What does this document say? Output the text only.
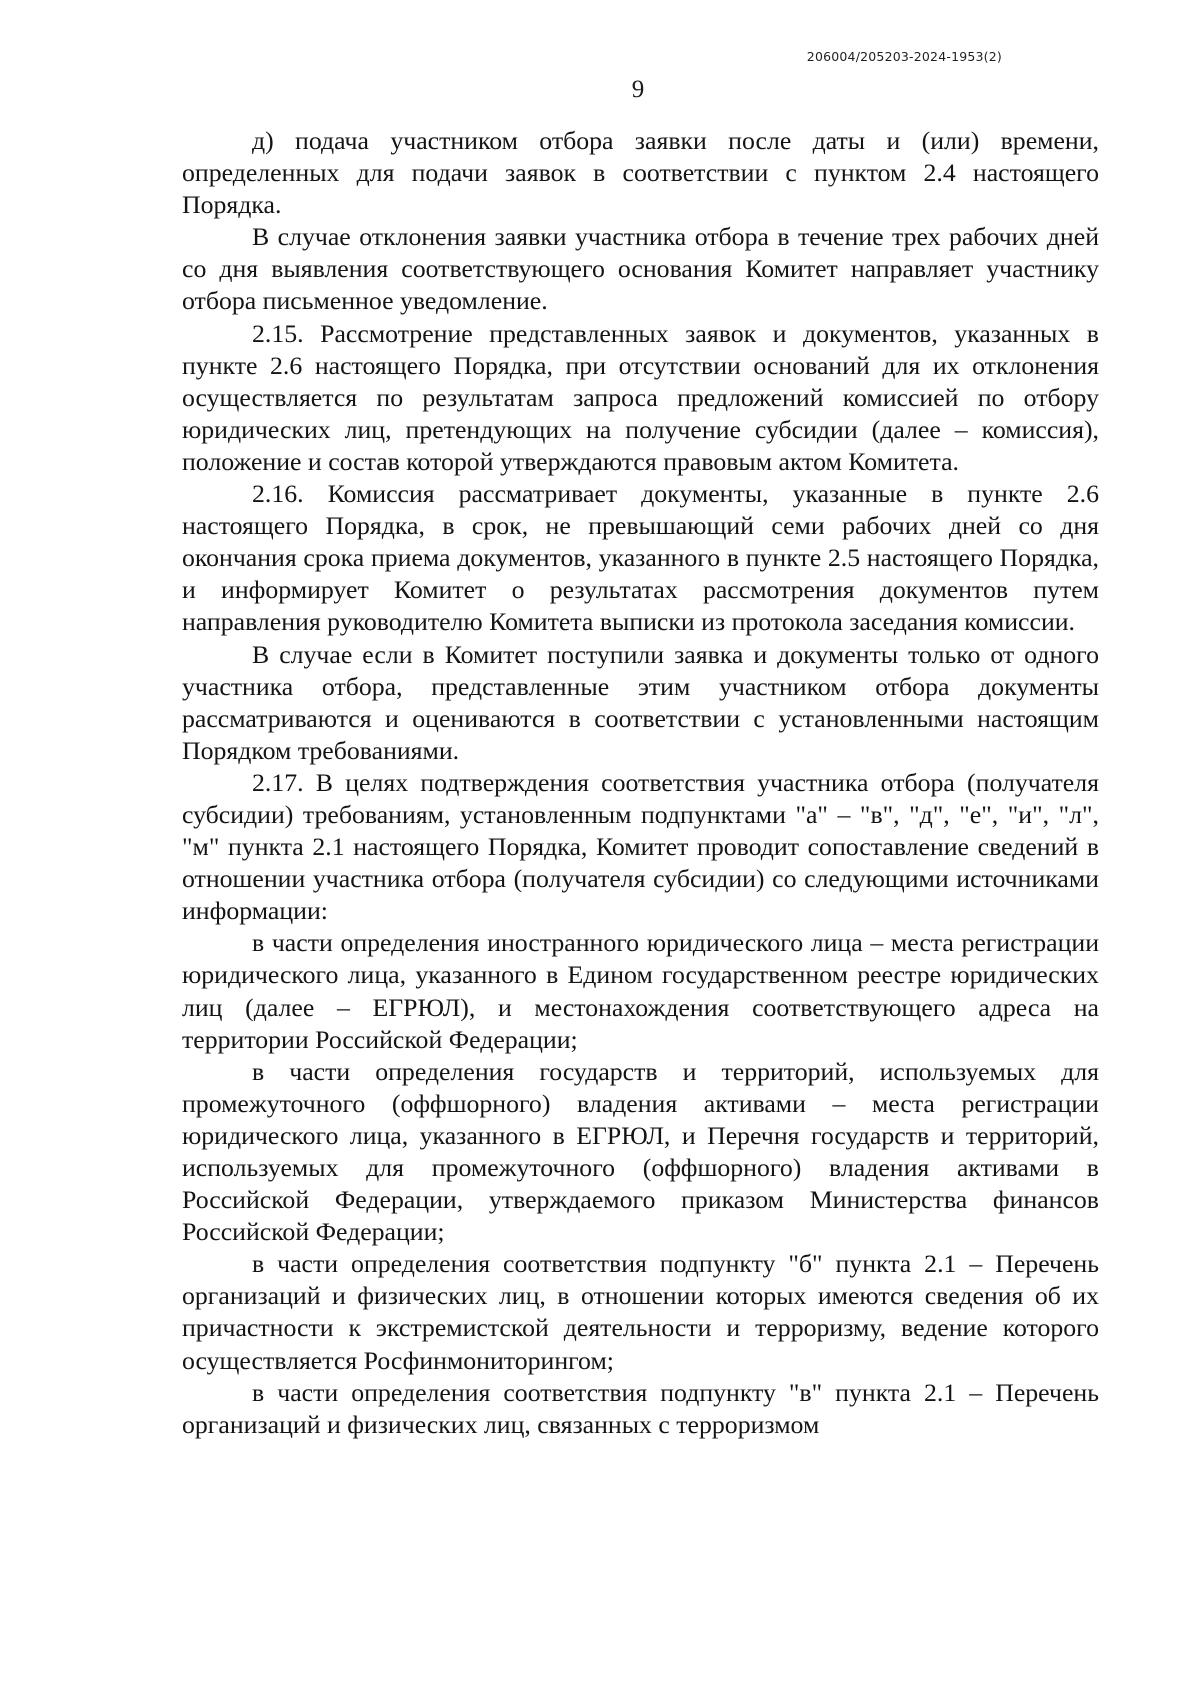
206004/205203-2024-1953(2)
9

д) подача участником отбора заявки после даты и (или) времени, определенных для подачи заявок в соответствии с пунктом 2.4 настоящего Порядка.

В случае отклонения заявки участника отбора в течение трех рабочих дней со дня выявления соответствующего основания Комитет направляет участнику отбора письменное уведомление.

2.15. Рассмотрение представленных заявок и документов, указанных в пункте 2.6 настоящего Порядка, при отсутствии оснований для их отклонения осуществляется по результатам запроса предложений комиссией по отбору юридических лиц, претендующих на получение субсидии (далее – комиссия), положение и состав которой утверждаются правовым актом Комитета.

2.16. Комиссия рассматривает документы, указанные в пункте 2.6 настоящего Порядка, в срок, не превышающий семи рабочих дней со дня окончания срока приема документов, указанного в пункте 2.5 настоящего Порядка, и информирует Комитет о результатах рассмотрения документов путем направления руководителю Комитета выписки из протокола заседания комиссии.

В случае если в Комитет поступили заявка и документы только от одного участника отбора, представленные этим участником отбора документы рассматриваются и оцениваются в соответствии с установленными настоящим Порядком требованиями.

2.17. В целях подтверждения соответствия участника отбора (получателя субсидии) требованиям, установленным подпунктами "а" – "в", "д", "е", "и", "л", "м" пункта 2.1 настоящего Порядка, Комитет проводит сопоставление сведений в отношении участника отбора (получателя субсидии) со следующими источниками информации:

в части определения иностранного юридического лица – места регистрации юридического лица, указанного в Едином государственном реестре юридических лиц (далее – ЕГРЮЛ), и местонахождения соответствующего адреса на территории Российской Федерации;

в части определения государств и территорий, используемых для промежуточного (оффшорного) владения активами – места регистрации юридического лица, указанного в ЕГРЮЛ, и Перечня государств и территорий, используемых для промежуточного (оффшорного) владения активами в Российской Федерации, утверждаемого приказом Министерства финансов Российской Федерации;

в части определения соответствия подпункту "б" пункта 2.1 – Перечень организаций и физических лиц, в отношении которых имеются сведения об их причастности к экстремистской деятельности и терроризму, ведение которого осуществляется Росфинмониторингом;

в части определения соответствия подпункту "в" пункта 2.1 – Перечень организаций и физических лиц, связанных с терроризмом
